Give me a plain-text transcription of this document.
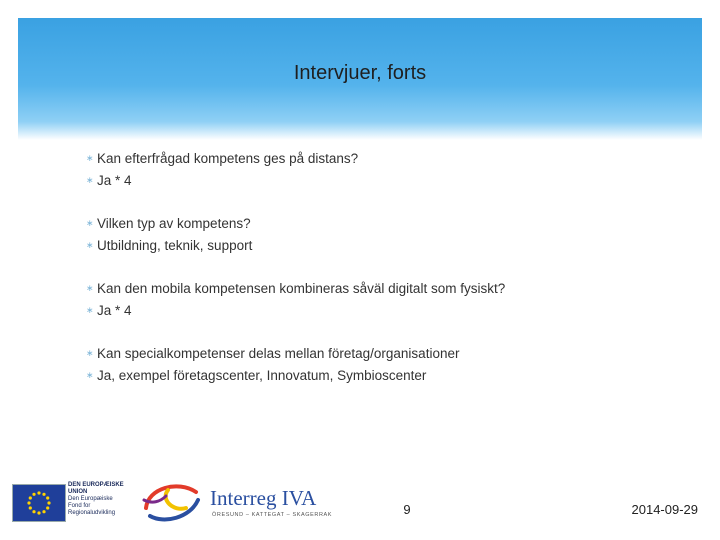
Intervjuer, forts
∗ Kan efterfrågad kompetens ges på distans?
∗ Ja * 4
∗ Vilken typ av kompetens?
∗ Utbildning, teknik, support
∗ Kan den mobila kompetensen kombineras såväl digitalt som fysiskt?
∗ Ja * 4
∗ Kan specialkompetenser delas mellan företag/organisationer
∗ Ja, exempel företagscenter, Innovatum, Symbioscenter
DEN EUROPÆISKE
UNION
Den Europæiske
Fond for
Regionaludvikling
Interreg IVA
ÖRESUND – KATTEGAT – SKAGERRAK	9	2014-09-29
